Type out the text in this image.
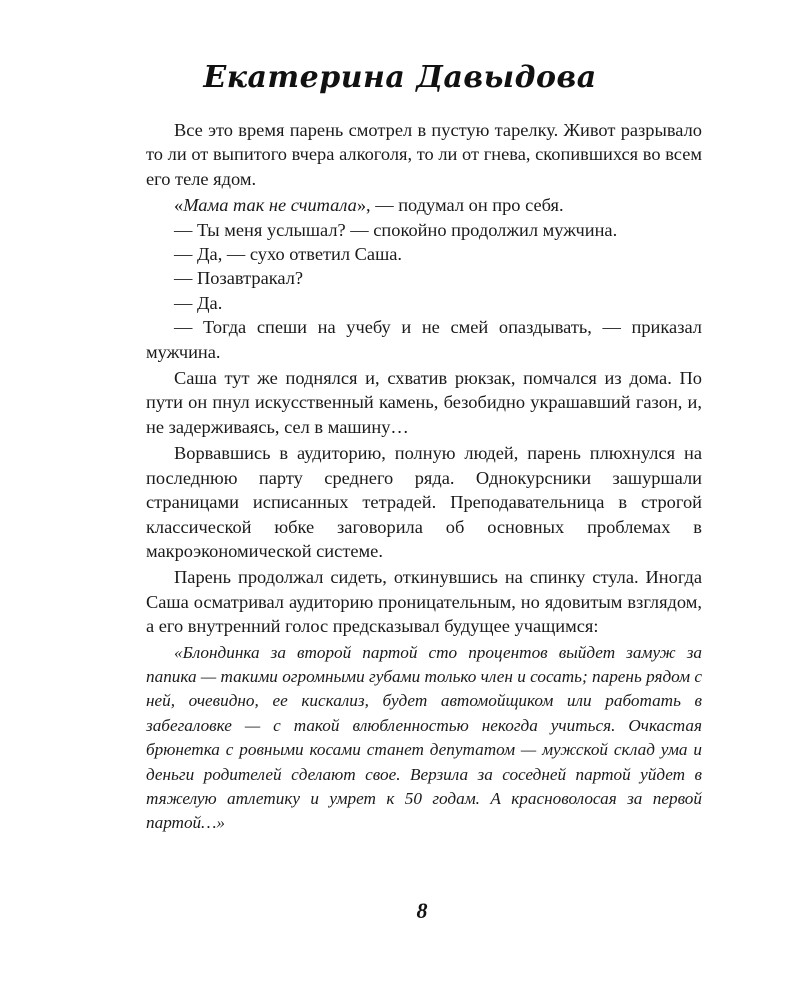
Екатерина Давыдова

Все это время парень смотрел в пустую тарелку. Живот разрывало то ли от выпитого вчера алкоголя, то ли от гнева, скопившихся во всем его теле ядом.

«Мама так не считала», — подумал он про себя.

— Ты меня услышал? — спокойно продолжил мужчина.

— Да, — сухо ответил Саша.

— Позавтракал?

— Да.

— Тогда спеши на учебу и не смей опаздывать, — приказал мужчина.

Саша тут же поднялся и, схватив рюкзак, помчался из дома. По пути он пнул искусственный камень, безобидно украшавший газон, и, не задерживаясь, сел в машину…

Ворвавшись в аудиторию, полную людей, парень плюхнулся на последнюю парту среднего ряда. Однокурсники зашуршали страницами исписанных тетрадей. Преподавательница в строгой классической юбке заговорила об основных проблемах в макроэкономической системе.

Парень продолжал сидеть, откинувшись на спинку стула. Иногда Саша осматривал аудиторию проницательным, но ядовитым взглядом, а его внутренний голос предсказывал будущее учащимся:

«Блондинка за второй партой сто процентов выйдет замуж за папика — такими огромными губами только член и сосать; парень рядом с ней, очевидно, ее кискализ, будет автомойщиком или работать в забегаловке — с такой влюбленностью некогда учиться. Очкастая брюнетка с ровными косами станет депутатом — мужской склад ума и деньги родителей сделают свое. Верзила за соседней партой уйдет в тяжелую атлетику и умрет к 50 годам. А красноволосая за первой партой…»

8
